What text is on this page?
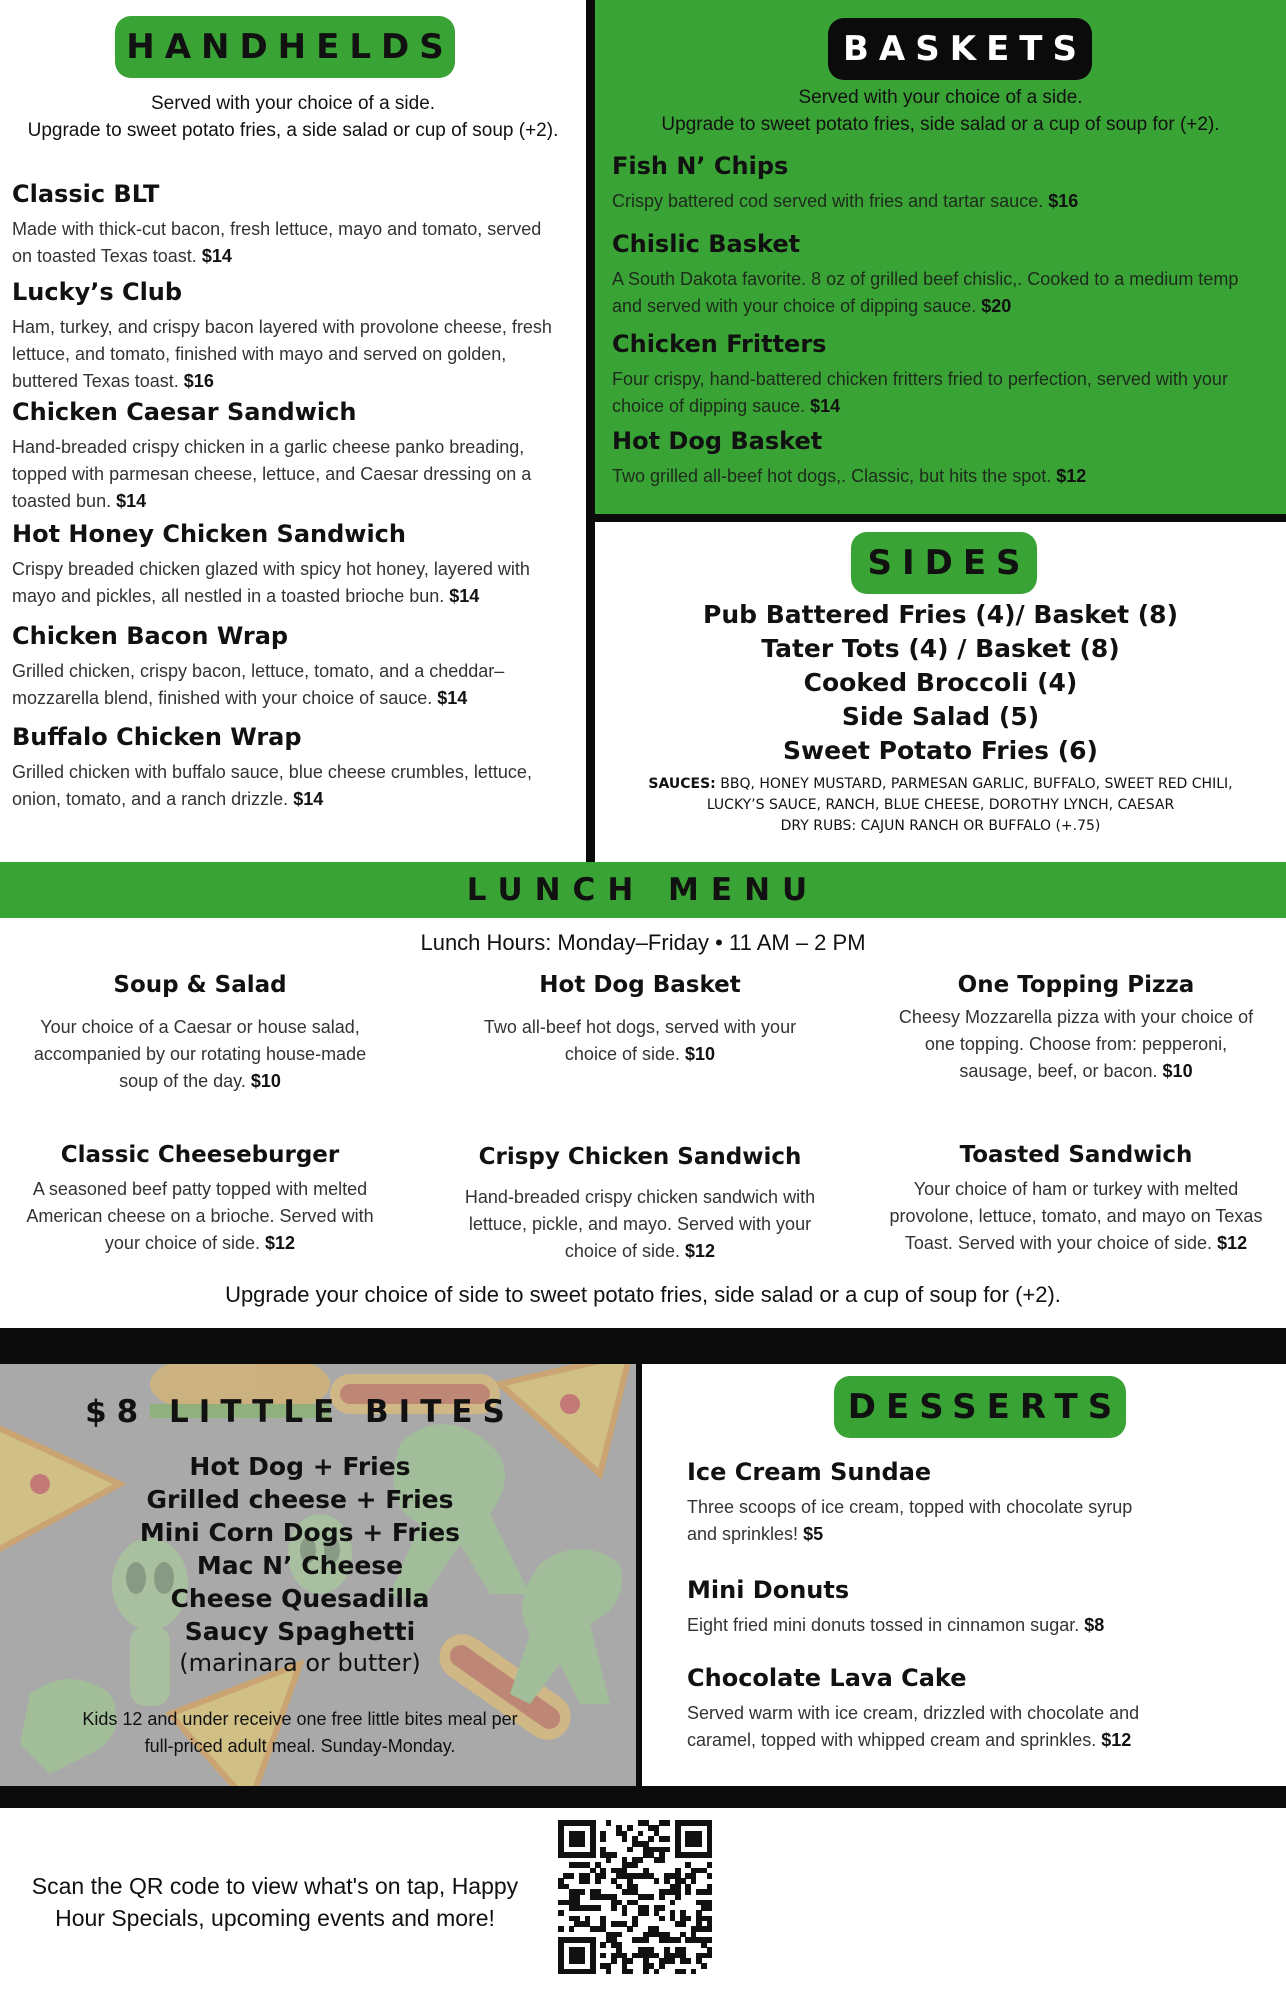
HANDHELDS
Served with your choice of a side.
Upgrade to sweet potato fries, a side salad or cup of soup (+2).
Classic BLT

Made with thick-cut bacon, fresh lettuce, mayo and tomato, served on toasted Texas toast. $14

Lucky’s Club

Ham, turkey, and crispy bacon layered with provolone cheese, fresh lettuce, and tomato, finished with mayo and served on golden, buttered Texas toast. $16

Chicken Caesar Sandwich

Hand-breaded crispy chicken in a garlic cheese panko breading, topped with parmesan cheese, lettuce, and Caesar dressing on a toasted bun. $14

Hot Honey Chicken Sandwich

Crispy breaded chicken glazed with spicy hot honey, layered with mayo and pickles, all nestled in a toasted brioche bun. $14

Chicken Bacon Wrap

Grilled chicken, crispy bacon, lettuce, tomato, and a cheddar–mozzarella blend, finished with your choice of sauce. $14

Buffalo Chicken Wrap

Grilled chicken with buffalo sauce, blue cheese crumbles, lettuce, onion, tomato, and a ranch drizzle. $14

BASKETS
Served with your choice of a side.
Upgrade to sweet potato fries, side salad or a cup of soup for (+2).
Fish N’ Chips

Crispy battered cod served with fries and tartar sauce. $16

Chislic Basket

A South Dakota favorite. 8 oz of grilled beef chislic,. Cooked to a medium temp and served with your choice of dipping sauce. $20

Chicken Fritters

Four crispy, hand-battered chicken fritters fried to perfection, served with your choice of dipping sauce. $14

Hot Dog Basket

Two grilled all-beef hot dogs,. Classic, but hits the spot. $12

SIDES
Pub Battered Fries (4)/ Basket (8)
Tater Tots (4) / Basket (8)
Cooked Broccoli (4)
Side Salad (5)
Sweet Potato Fries (6)
SAUCES: BBQ, HONEY MUSTARD, PARMESAN GARLIC, BUFFALO, SWEET RED CHILI,
LUCKY’S SAUCE, RANCH, BLUE CHEESE, DOROTHY LYNCH, CAESAR
DRY RUBS: CAJUN RANCH OR BUFFALO (+.75)
LUNCH MENU
Lunch Hours: Monday–Friday • 11 AM – 2 PM
Soup & Salad

Your choice of a Caesar or house salad, accompanied by our rotating house-made soup of the day. $10

Hot Dog Basket

Two all-beef hot dogs, served with your choice of side. $10

One Topping Pizza

Cheesy Mozzarella pizza with your choice of one topping. Choose from: pepperoni, sausage, beef, or bacon. $10

Classic Cheeseburger

A seasoned beef patty topped with melted American cheese on a brioche. Served with your choice of side. $12

Crispy Chicken Sandwich

Hand-breaded crispy chicken sandwich with lettuce, pickle, and mayo. Served with your choice of side. $12

Toasted Sandwich

Your choice of ham or turkey with melted provolone, lettuce, tomato, and mayo on Texas Toast. Served with your choice of side. $12

Upgrade your choice of side to sweet potato fries, side salad or a cup of soup for (+2).
$8 LITTLE BITES
Hot Dog + Fries
Grilled cheese + Fries
Mini Corn Dogs + Fries
Mac N’ Cheese
Cheese Quesadilla
Saucy Spaghetti
(marinara or butter)
Kids 12 and under receive one free little bites meal per
full-priced adult meal. Sunday-Monday.
DESSERTS
Ice Cream Sundae

Three scoops of ice cream, topped with chocolate syrup and sprinkles! $5

Mini Donuts

Eight fried mini donuts tossed in cinnamon sugar. $8

Chocolate Lava Cake

Served warm with ice cream, drizzled with chocolate and caramel, topped with whipped cream and sprinkles. $12

Scan the QR code to view what's on tap, Happy
Hour Specials, upcoming events and more!
